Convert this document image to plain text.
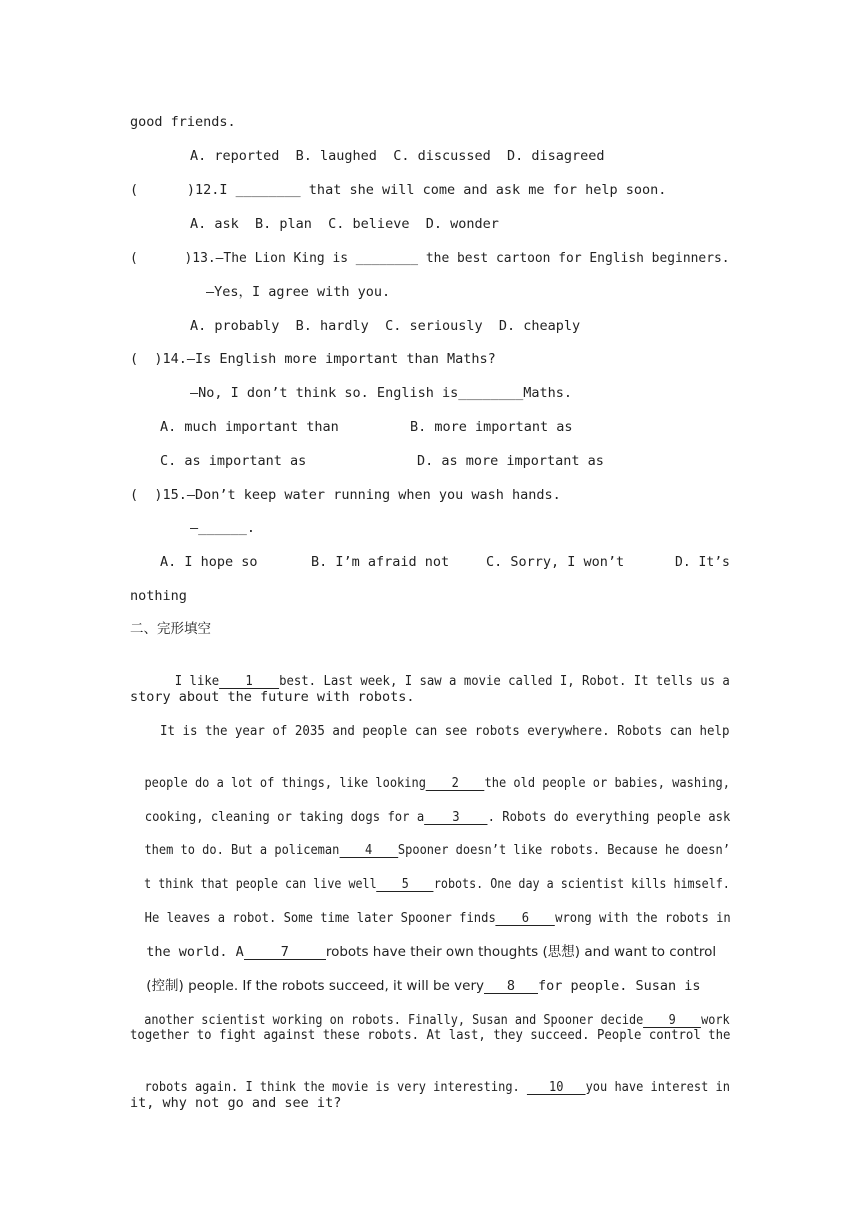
good friends.
A. reported  B. laughed  C. discussed  D. disagreed
(      )12.I ________ that she will come and ask me for help soon.
A. ask  B. plan  C. believe  D. wonder
(      )13.—The Lion King is ________ the best cartoon for English beginners.
—Yes，I agree with you.
A. probably  B. hardly  C. seriously  D. cheaply
(  )14.—Is English more important than Maths?
—No, I don’t think so. English is________Maths.
A. much important than	B. more important as
C. as important as	D. as more important as
(  )15.—Don’t keep water running when you wash hands.
—______.
A. I hope so	B. I’m afraid not	C. Sorry, I won’t	D. It’s
nothing
二、完形填空

I like 1 best. Last week, I saw a movie called I, Robot. It tells us a

story about the future with robots.
It is the year of 2035 and people can see robots everywhere. Robots can help

people do a lot of things, like looking 2 the old people or babies, washing,

cooking, cleaning or taking dogs for a 3 . Robots do everything people ask

them to do. But a policeman 4 Spooner doesn’t like robots. Because he doesn’

t think that people can live well 5 robots. One day a scientist kills himself.

He leaves a robot. Some time later Spooner finds 6 wrong with the robots in

the world. A	7	robots have their own thoughts (思想) and want to control

(控制) people. If the robots succeed, it will be very 8 for people. Susan is

another scientist working on robots. Finally, Susan and Spooner decide 9 work

together to fight against these robots. At last, they succeed. People control the

robots again. I think the movie is very interesting. 10 you have interest in

it, why not go and see it?
